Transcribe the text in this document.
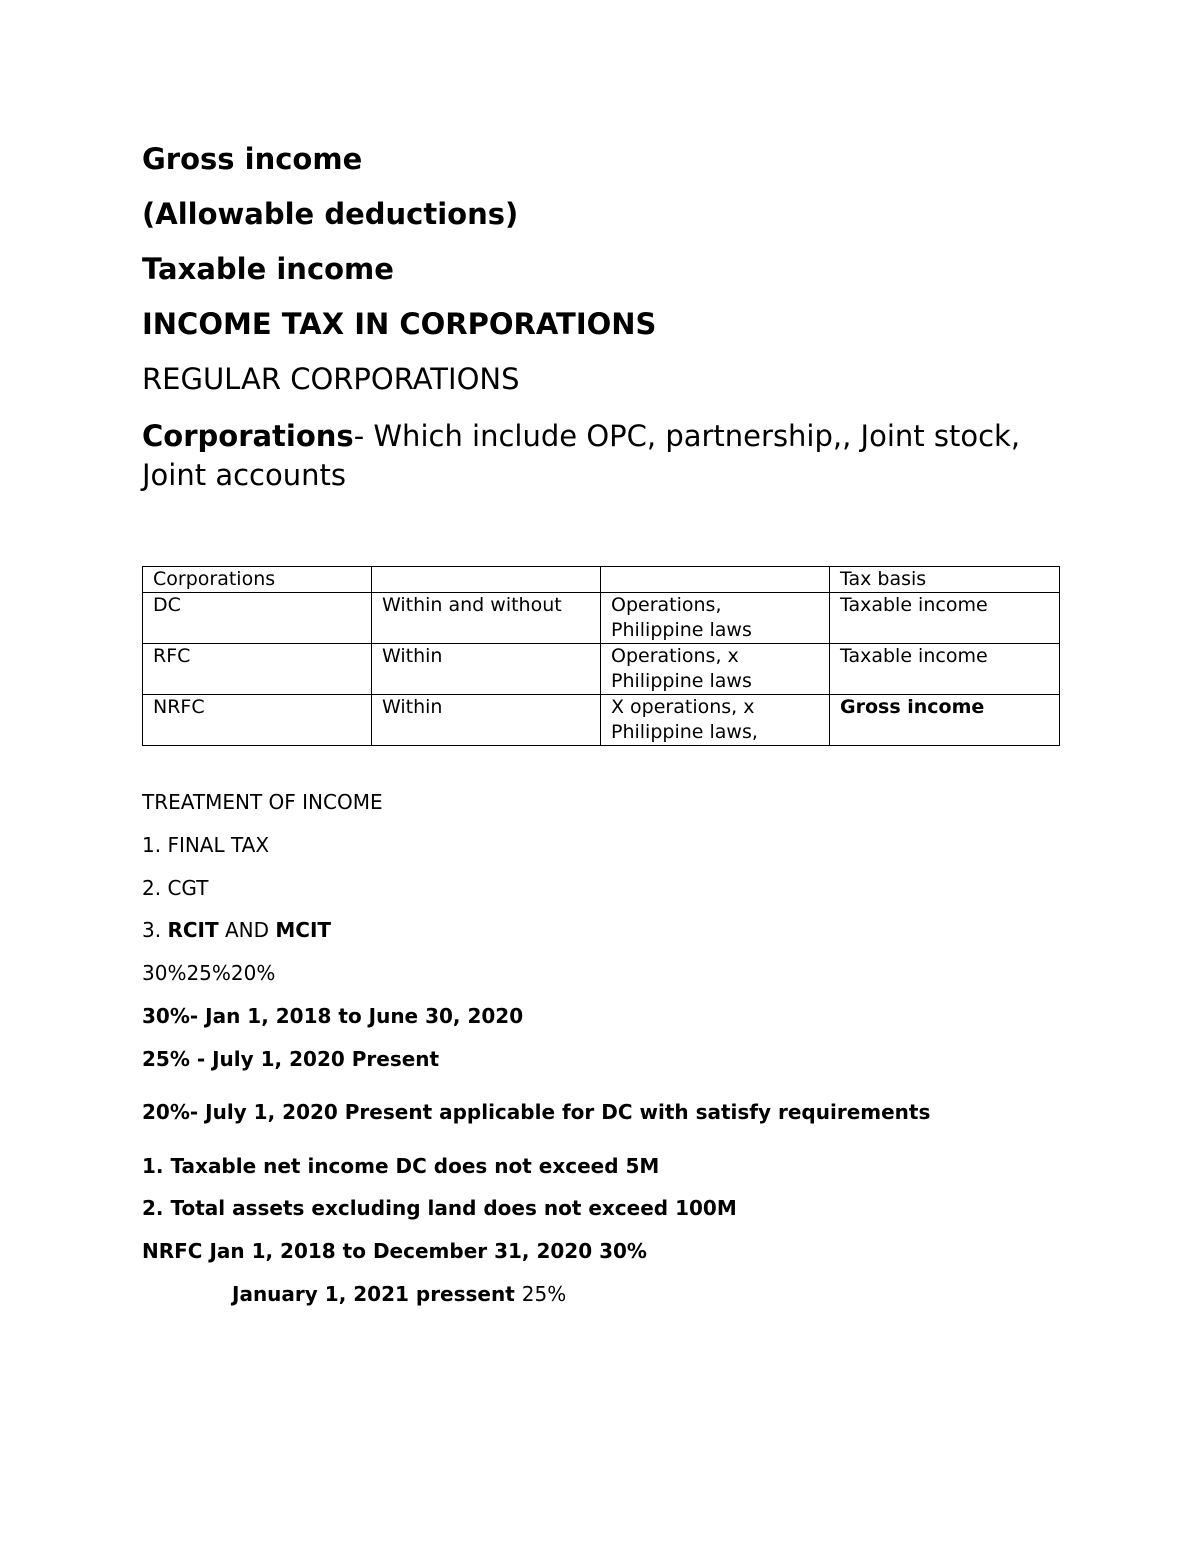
Gross income
(Allowable deductions)
Taxable income
INCOME TAX IN CORPORATIONS
REGULAR CORPORATIONS
Corporations- Which include OPC, partnership,, Joint stock, Joint accounts
Corporations			Tax basis
DC	Within and without	Operations, Philippine laws	Taxable income
RFC	Within	Operations, x Philippine laws	Taxable income
NRFC	Within	X operations, x Philippine laws,	Gross income
TREATMENT OF INCOME
1. FINAL TAX
2. CGT
3. RCIT AND MCIT
30%25%20%
30%- Jan 1, 2018 to June 30, 2020
25% - July 1, 2020 Present
20%- July 1, 2020 Present applicable for DC with satisfy requirements
1. Taxable net income DC does not exceed 5M
2. Total assets excluding land does not exceed 100M
NRFC Jan 1, 2018 to December 31, 2020 30%
January 1, 2021 pressent 25%
